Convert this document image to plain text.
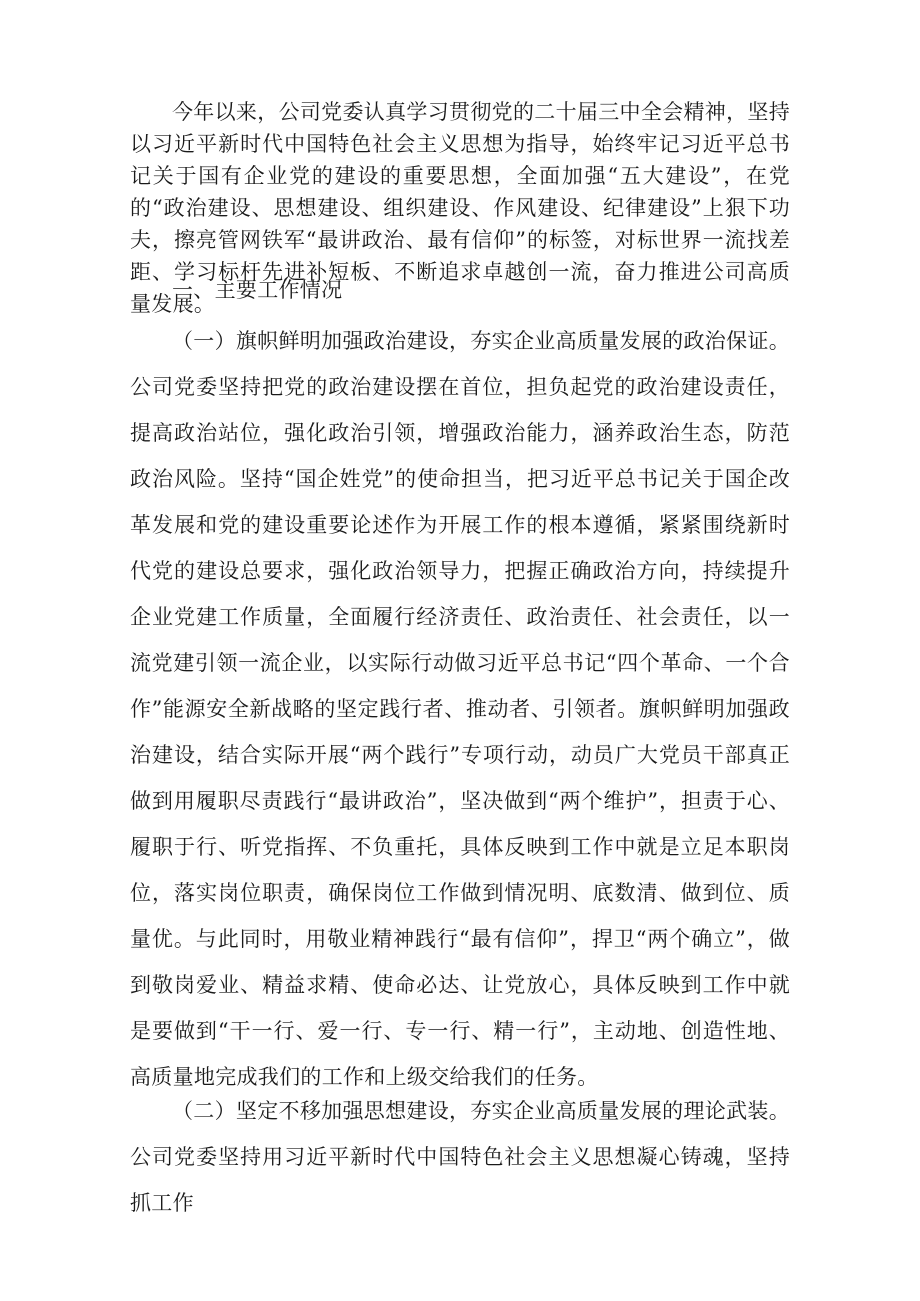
今年以来，公司党委认真学习贯彻党的二十届三中全会精神，坚持以习近平新时代中国特色社会主义思想为指导，始终牢记习近平总书记关于国有企业党的建设的重要思想，全面加强“五大建设”，在党的“政治建设、思想建设、组织建设、作风建设、纪律建设”上狠下功夫，擦亮管网铁军“最讲政治、最有信仰”的标签，对标世界一流找差距、学习标杆先进补短板、不断追求卓越创一流，奋力推进公司高质量发展。

一、主要工作情况

（一）旗帜鲜明加强政治建设，夯实企业高质量发展的政治保证。公司党委坚持把党的政治建设摆在首位，担负起党的政治建设责任，提高政治站位，强化政治引领，增强政治能力，涵养政治生态，防范政治风险。坚持“国企姓党”的使命担当，把习近平总书记关于国企改革发展和党的建设重要论述作为开展工作的根本遵循，紧紧围绕新时代党的建设总要求，强化政治领导力，把握正确政治方向，持续提升企业党建工作质量，全面履行经济责任、政治责任、社会责任，以一流党建引领一流企业，以实际行动做习近平总书记“四个革命、一个合作”能源安全新战略的坚定践行者、推动者、引领者。旗帜鲜明加强政治建设，结合实际开展“两个践行”专项行动，动员广大党员干部真正做到用履职尽责践行“最讲政治”，坚决做到“两个维护”，担责于心、履职于行、听党指挥、不负重托，具体反映到工作中就是立足本职岗位，落实岗位职责，确保岗位工作做到情况明、底数清、做到位、质量优。与此同时，用敬业精神践行“最有信仰”，捍卫“两个确立”，做到敬岗爱业、精益求精、使命必达、让党放心，具体反映到工作中就是要做到“干一行、爱一行、专一行、精一行”，主动地、创造性地、高质量地完成我们的工作和上级交给我们的任务。

（二）坚定不移加强思想建设，夯实企业高质量发展的理论武装。公司党委坚持用习近平新时代中国特色社会主义思想凝心铸魂，坚持抓工作
